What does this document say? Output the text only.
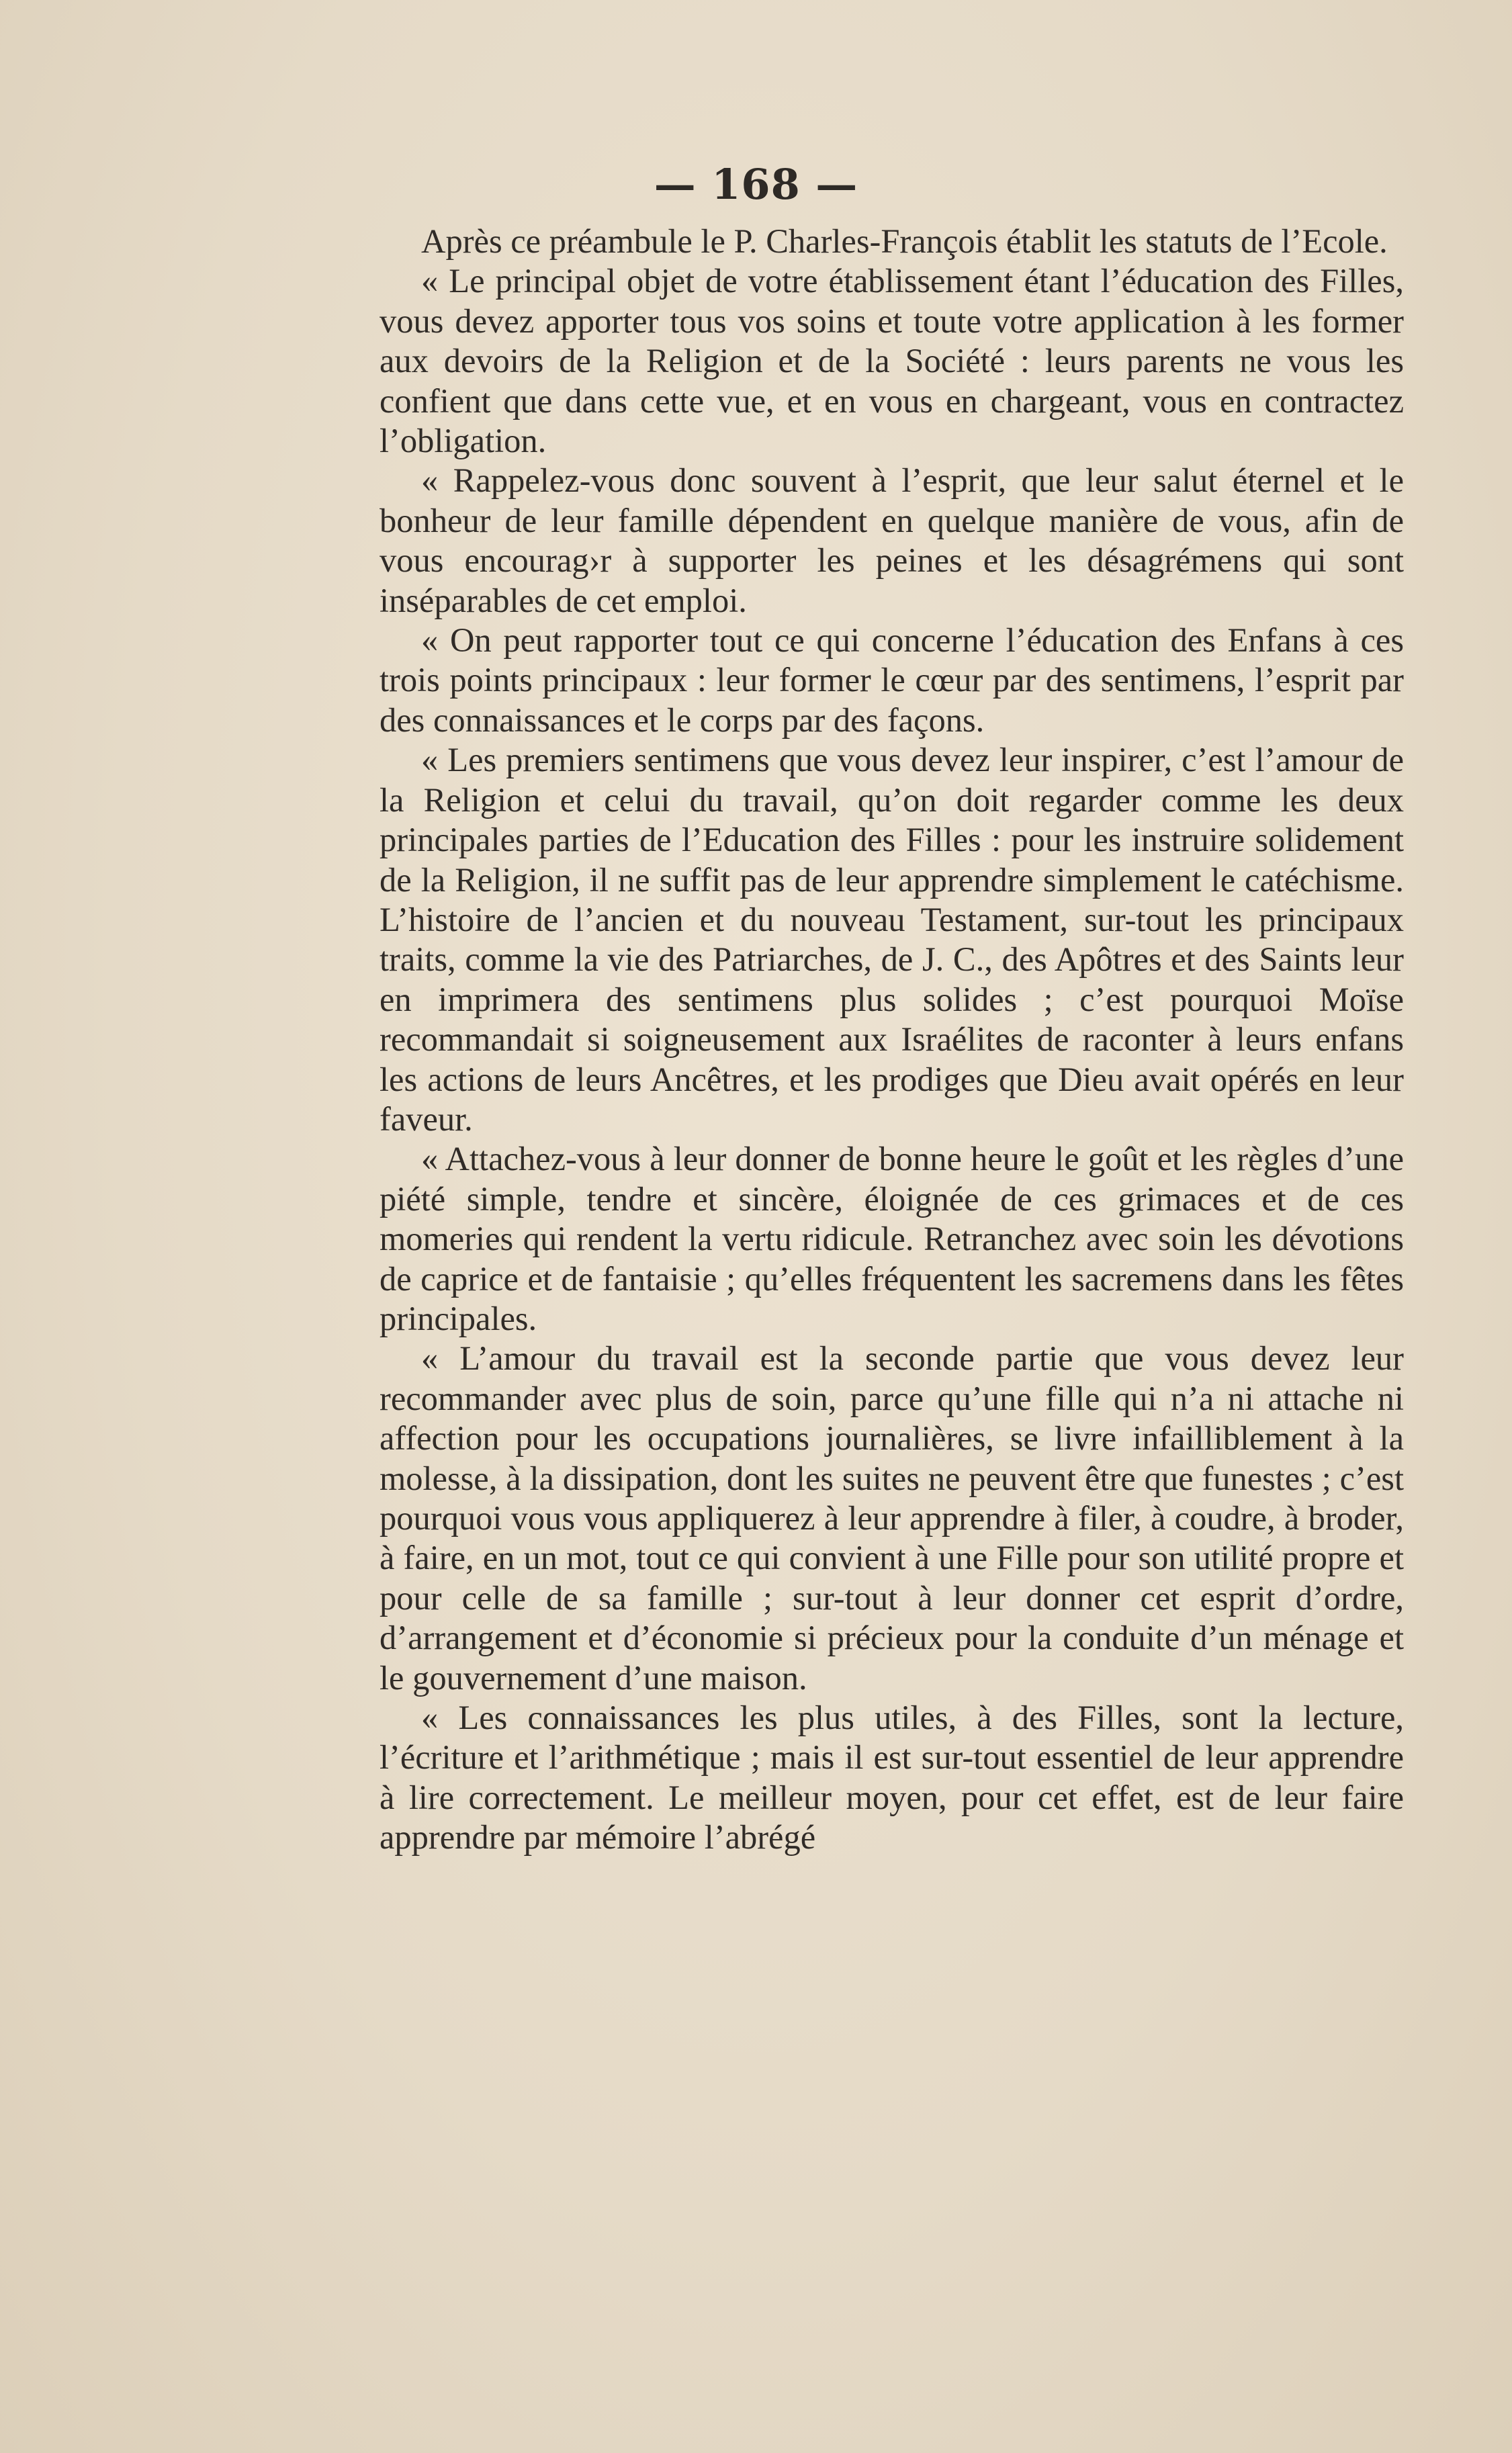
— 168 —

Après ce préambule le P. Charles-François établit les statuts de l’Ecole.

« Le principal objet de votre établissement étant l’éducation des Filles, vous devez apporter tous vos soins et toute votre application à les former aux devoirs de la Religion et de la Société : leurs parents ne vous les confient que dans cette vue, et en vous en chargeant, vous en contractez l’obligation.

« Rappelez-vous donc souvent à l’esprit, que leur salut éternel et le bonheur de leur famille dépendent en quelque manière de vous, afin de vous encourag›r à supporter les peines et les désagrémens qui sont inséparables de cet emploi.

« On peut rapporter tout ce qui concerne l’éducation des Enfans à ces trois points principaux : leur former le cœur par des sentimens, l’esprit par des connaissances et le corps par des façons.

« Les premiers sentimens que vous devez leur inspirer, c’est l’amour de la Religion et celui du travail, qu’on doit regarder comme les deux principales parties de l’Education des Filles : pour les instruire solidement de la Religion, il ne suffit pas de leur apprendre simplement le catéchisme. L’histoire de l’ancien et du nouveau Testament, sur-tout les principaux traits, comme la vie des Patriarches, de J. C., des Apôtres et des Saints leur en imprimera des sentimens plus solides ; c’est pourquoi Moïse recommandait si soigneusement aux Israélites de raconter à leurs enfans les actions de leurs Ancêtres, et les prodiges que Dieu avait opérés en leur faveur.

« Attachez-vous à leur donner de bonne heure le goût et les règles d’une piété simple, tendre et sincère, éloignée de ces grimaces et de ces momeries qui rendent la vertu ridicule. Retranchez avec soin les dévotions de caprice et de fantaisie ; qu’elles fréquentent les sacremens dans les fêtes principales.

« L’amour du travail est la seconde partie que vous devez leur recommander avec plus de soin, parce qu’une fille qui n’a ni attache ni affection pour les occupations journalières, se livre infailliblement à la molesse, à la dissipation, dont les suites ne peuvent être que funestes ; c’est pourquoi vous vous appliquerez à leur apprendre à filer, à coudre, à broder, à faire, en un mot, tout ce qui convient à une Fille pour son utilité propre et pour celle de sa famille ; sur-tout à leur donner cet esprit d’ordre, d’arrangement et d’économie si précieux pour la conduite d’un ménage et le gouvernement d’une maison.

« Les connaissances les plus utiles, à des Filles, sont la lecture, l’écriture et l’arithmétique ; mais il est sur-tout essentiel de leur apprendre à lire correctement. Le meilleur moyen, pour cet effet, est de leur faire apprendre par mémoire l’abrégé
